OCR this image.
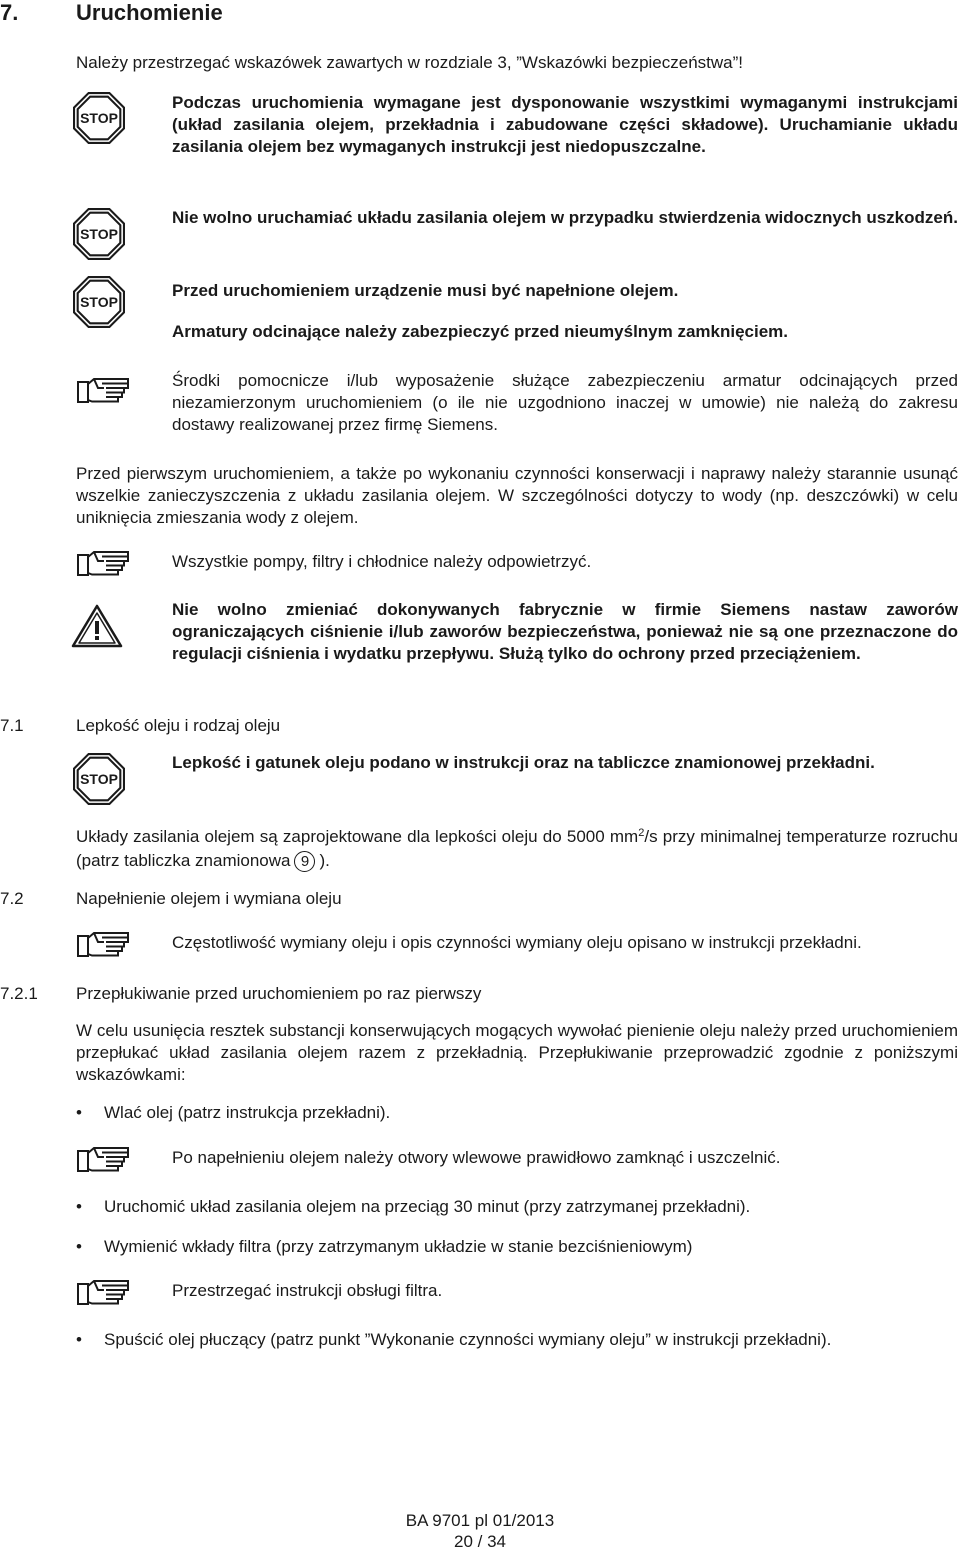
7.	Uruchomienie
Należy przestrzegać wskazówek zawartych w rozdziale 3, ”Wskazówki bezpieczeństwa”!
STOP
Podczas uruchomienia wymagane jest dysponowanie wszystkimi wymaganymi instrukcjami (układ zasilania olejem, przekładnia i zabudowane części składowe). Uruchamianie układu zasilania olejem bez wymaganych instrukcji jest niedopuszczalne.
STOP
Nie wolno uruchamiać układu zasilania olejem w przypadku stwierdzenia widocznych uszkodzeń.
STOP
Przed uruchomieniem urządzenie musi być napełnione olejem.
Armatury odcinające należy zabezpieczyć przed nieumyślnym zamknięciem.
Środki pomocnicze i/lub wyposażenie służące zabezpieczeniu armatur odcinających przed niezamierzonym uruchomieniem (o ile nie uzgodniono inaczej w umowie) nie należą do zakresu dostawy realizowanej przez firmę Siemens.
Przed pierwszym uruchomieniem, a także po wykonaniu czynności konserwacji i naprawy należy starannie usunąć wszelkie zanieczyszczenia z układu zasilania olejem. W szczególności dotyczy to wody (np. deszczówki) w celu uniknięcia zmieszania wody z olejem.
Wszystkie pompy, filtry i chłodnice należy odpowietrzyć.
Nie wolno zmieniać dokonywanych fabrycznie w firmie Siemens nastaw zaworów ograniczających ciśnienie i/lub zaworów bezpieczeństwa, ponieważ nie są one przeznaczone do regulacji ciśnienia i wydatku przepływu. Służą tylko do ochrony przed przeciążeniem.
7.1	Lepkość oleju i rodzaj oleju
STOP
Lepkość i gatunek oleju podano w instrukcji oraz na tabliczce znamionowej przekładni.
Układy zasilania olejem są zaprojektowane dla lepkości oleju do 5000 $mm^2/s$ przy minimalnej temperaturze rozruchu (patrz tabliczka znamionowa 9 ).
7.2	Napełnienie olejem i wymiana oleju
Częstotliwość wymiany oleju i opis czynności wymiany oleju opisano w instrukcji przekładni.
7.2.1 Przepłukiwanie przed uruchomieniem po raz pierwszy
W celu usunięcia resztek substancji konserwujących mogących wywołać pienienie oleju należy przed uruchomieniem przepłukać układ zasilania olejem razem z przekładnią. Przepłukiwanie przeprowadzić zgodnie z poniższymi wskazówkami:
• Wlać olej (patrz instrukcja przekładni).
Po napełnieniu olejem należy otwory wlewowe prawidłowo zamknąć i uszczelnić.
• Uruchomić układ zasilania olejem na przeciąg 30 minut (przy zatrzymanej przekładni).
• Wymienić wkłady filtra (przy zatrzymanym układzie w stanie bezciśnieniowym)
Przestrzegać instrukcji obsługi filtra.
• Spuścić olej płuczący (patrz punkt ”Wykonanie czynności wymiany oleju” w instrukcji przekładni).
BA 9701 pl 01/2013
20 / 34
